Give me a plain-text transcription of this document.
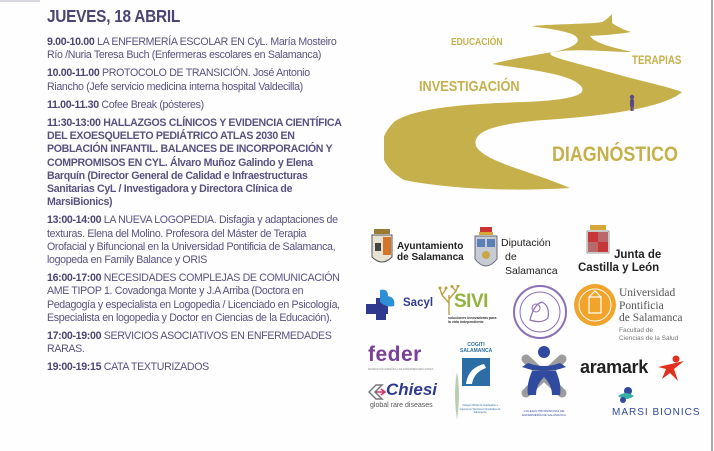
JUEVES, 18 ABRIL
9.00-10.00 LA ENFERMERÍA ESCOLAR EN CyL. María Mosteiro Río /Nuria Teresa Buch (Enfermeras escolares en Salamanca)
10.00-11.00 PROTOCOLO DE TRANSICIÓN. José Antonio Riancho (Jefe servicio medicina interna hospital Valdecilla)
11.00-11.30 Cofee Break (pósteres)
11:30-13:00 HALLAZGOS CLÍNICOS Y EVIDENCIA CIENTÍFICA DEL EXOESQUELETO PEDIÁTRICO ATLAS 2030 EN POBLACIÓN INFANTIL. BALANCES DE INCORPORACIÓN Y COMPROMISOS EN CYL. Álvaro Muñoz Galindo y Elena Barquín (Director General de Calidad e Infraestructuras Sanitarias CyL / Investigadora y Directora Clínica de MarsiBionics)
13:00-14:00 LA NUEVA LOGOPEDIA. Disfagia y adaptaciones de texturas. Elena del Molino. Profesora del Máster de Terapia Orofacial y Bifuncional en la Universidad Pontificia de Salamanca, logopeda en Family Balance y ORIS
16:00-17:00 NECESIDADES COMPLEJAS DE COMUNICACIÓN AME TIPOP 1. Covadonga Monte y J.A Arriba (Doctora en Pedagogía y especialista en Logopedia / Licenciado en Psicología, Especialista en logopedia y Doctor en Ciencias de la Educación).
17:00-19:00 SERVICIOS ASOCIATIVOS EN ENFERMEDADES RARAS.
19:00-19:15 CATA TEXTURIZADOS
EDUCACIÓN
TERAPIAS
INVESTIGACIÓN
DIAGNÓSTICO
Ayuntamiento
de Salamanca
Diputación
de Salamanca
Junta de
Castilla y León
Sacyl SIVI
soluciones innovadoras para la vida independiente
Universidad
Pontificia
de Salamanca
Facultad de
Ciencias de la Salud
feder
FEDERACIÓN ESPAÑOLA DE ENFERMEDADES RARAS
Chiesi
global rare diseases
COGITI
SALAMANCA
Colegio Oficial de Graduados e Ingenieros Técnicos Industriales de Salamanca	COLEGIO PROFESIONAL DE ENFERMERÍA DE SALAMANCA
aramark
MARSI BIONICS
